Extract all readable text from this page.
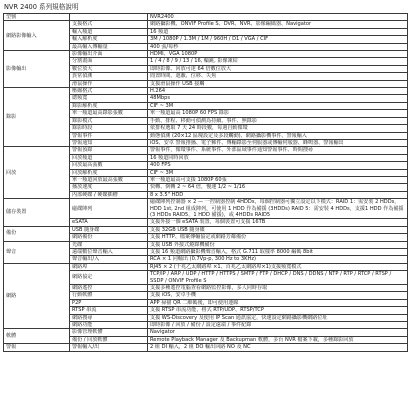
NVR 2400 系列規格說明
型號		NVR2400
網路影像輸入	支援格式	網路攝影機、ONVIF Profile S、DVR、NVR、影像編碼器、Navigator
	輸入頻道	16 頻道
	輸入解析度	3M / 1080P / 1.3M / 1M / 960H / D1 / VGA / CIF
	最高輸入傳輸量	400 張/每秒
影像輸出	影像輸出介面	HDMI、VGA 1080P
	分割畫面	1 / 4 / 8 / 9 / 13 / 16, 輪跳, 影像凍結
	數位放大	即時影像、回放可達 64 倍數位放大
	異常偵測	閒置時間、遮蔽、位移、失焦
	滑鼠操作	支援滑鼠操作 USB 接觸
錄影	壓縮格式	H.264
	總頻寬	48Mbps
	錄影解析度	CIF ~ 3M
	單一頻道最高錄影張數	單一頻道最高 1080P 60 FPS 錄影
	錄影模式	手動、排程、移動可偵測為持續、事件、無錄影
	錄影時段	依排程選取 7 天 24 時段數，每週自動循環
	警報事件	動態偵測 (20×12 區塊設定及多段觸動)、網路攝影機事件、警報輸入
	警報通知	iOS、安卓 警報推播、電子郵件、傳輸錄影至伺服器或傳輸伺服器、蜂鳴器、警報輸出
回放	警報預錄	警報事件，循環事件、系統事件、外部區域事件通知警報事件、時間搜尋
	回放頻道	16 頻道同時回放
	回放最高張數	400 FPS
	回放解析度	CIF ~ 3M
	單一頻道回放最高張數	單一頻道最高可支援 1080P 60張
	播放速度	快轉、倒轉 2 ~ 64 倍，慢速 1/2 ~ 1/16
	內部硬碟 / 硬碟插槽	8 x 3.5" HDD
儲存裝置	磁碟陣列	磁碟陣列控制器 × 2 — 一控制器控制 4HDDs，每個控制器可獨立設定以下模式：RAID 1：需安裝 2 HDDs，HDD 1st, 2nd 組成陣列，可使用 1 HDD 作為備援 (3HDDs) RAID 5：需安裝 4 HDDs，支援1 HDD 作為備援(3 HDDs RAID5，1 HDD 備援)，或 4HDDs RAID5
	eSATA	支援外接一個 eSATA 裝置，每個裝置可支援 16TB
備份	USB 隨身碟	支援 32GB USB 隨身碟
	網路備份	支援 HTTP、檔案傳輸協定或網路芳鄰備份
聲音	光碟	支援 USB 外接式燒錄機備份
	遠端數位聲音輸入	支援 16 頻道網路攝影機聲音輸入，格式 G.711 取樣率 8000 編碼 8bit
	聲音輸出/入	RCA × 1 同軸出 (0.7Vp-p, 300 Hz to 3KHz)
網路	網路埠	RJ45 × 2 (千兆乙太網路埠 ×1、百兆乙太網路埠×1)支援頻寬模式
	網路協定	TCP/IP / ARP / UDP / HTTP / HTTPS / SMTP / FTP / DHCP / DNS / DDNS / NTP / RTP / RTCP / RTSP / SSDP / ONVIF Profile S
	網路遙控	支援多種遙控電腦查看網路監控影像，多人同時存取
	行動軟體	支援 iOS，安卓手機
	P2P	APP 掃描 QR 二維碼後，即可使用連線
	RTSP 串流	支援 RTSP 串流功能，格式 RTP/UDP、RTSP/TCP
	網路搜尋	支援 WS-Discovery 及使用 IP Scan 通訊協定，快速設定網路攝影機網路位址
	網路功能	即時影像 / 回放 / 備份 / 設定遠端 / 事件紀錄
軟體	影像管理軟體	Navigator
	備份 / 回放軟體	Remote Playback Manager 及 Backupman 軟體，多台 NVR 檔案下載，多種錄影回放
警報	警報輸入/出	2 組 DI 輸入，2 組 DO 輸出回路 NO 及 NC
